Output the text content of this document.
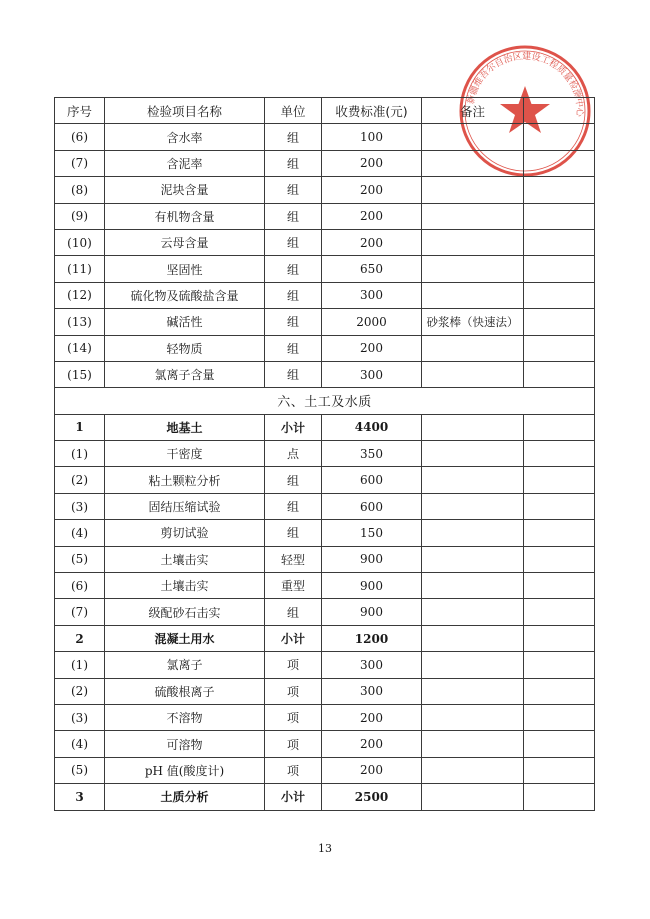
新疆维吾尔自治区建设工程质量检测中心
序号	检验项目名称	单位	收费标准(元)	备注	
(6)	含水率	组	100		
(7)	含泥率	组	200		
(8)	泥块含量	组	200		
(9)	有机物含量	组	200		
(10)	云母含量	组	200		
(11)	坚固性	组	650		
(12)	硫化物及硫酸盐含量	组	300		
(13)	碱活性	组	2000	砂浆棒（快速法）	
(14)	轻物质	组	200		
(15)	氯离子含量	组	300		
六、土工及水质					
1	地基土	小计	4400		
(1)	干密度	点	350		
(2)	粘土颗粒分析	组	600		
(3)	固结压缩试验	组	600		
(4)	剪切试验	组	150		
(5)	土壤击实	轻型	900		
(6)	土壤击实	重型	900		
(7)	级配砂石击实	组	900		
2	混凝土用水	小计	1200		
(1)	氯离子	项	300		
(2)	硫酸根离子	项	300		
(3)	不溶物	项	200		
(4)	可溶物	项	200		
(5)	pH 值(酸度计)	项	200		
3	土质分析	小计	2500		
13
